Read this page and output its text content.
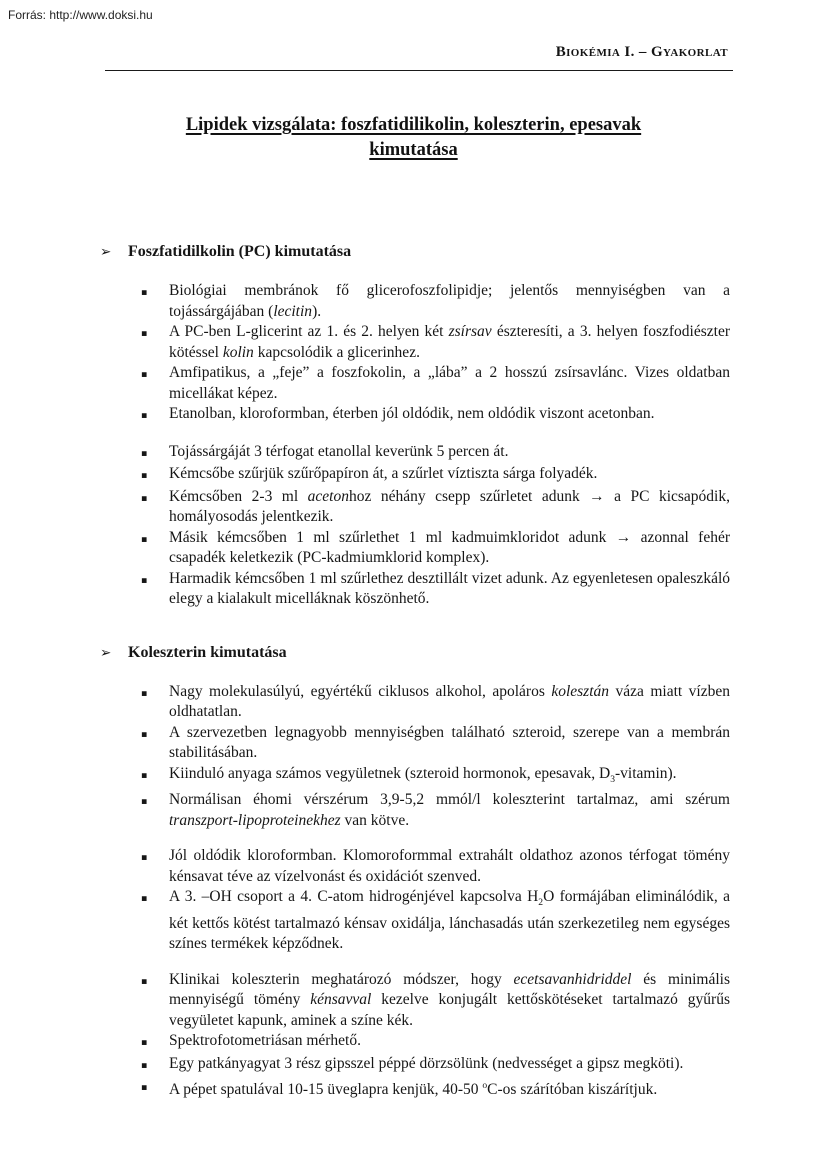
Forrás: http://www.doksi.hu
Biokémia I. – Gyakorlat
Lipidek vizsgálata: foszfatidilikolin, koleszterin, epesavak
kimutatása
➢	Foszfatidilkolin (PC) kimutatása
▪	Biológiai membránok fő glicerofoszfolipidje; jelentős mennyiségben van a tojássárgájában (lecitin).
▪	A PC-ben L-glicerint az 1. és 2. helyen két zsírsav észteresíti, a 3. helyen foszfodiészter kötéssel kolin kapcsolódik a glicerinhez.
▪	Amfipatikus, a „feje” a foszfokolin, a „lába” a 2 hosszú zsírsavlánc. Vizes oldatban micellákat képez.
▪	Etanolban, kloroformban, éterben jól oldódik, nem oldódik viszont acetonban.
▪	Tojássárgáját 3 térfogat etanollal keverünk 5 percen át.
▪	Kémcsőbe szűrjük szűrőpapíron át, a szűrlet víztiszta sárga folyadék.
▪	Kémcsőben 2-3 ml acetonhoz néhány csepp szűrletet adunk → a PC kicsapódik, homályosodás jelentkezik.
▪	Másik kémcsőben 1 ml szűrlethet 1 ml kadmuimkloridot adunk → azonnal fehér csapadék keletkezik (PC-kadmiumklorid komplex).
▪	Harmadik kémcsőben 1 ml szűrlethez desztillált vizet adunk. Az egyenletesen opaleszkáló elegy a kialakult micelláknak köszönhető.
➢	Koleszterin kimutatása
▪	Nagy molekulasúlyú, egyértékű ciklusos alkohol, apoláros kolesztán váza miatt vízben oldhatatlan.
▪	A szervezetben legnagyobb mennyiségben található szteroid, szerepe van a membrán stabilitásában.
▪	Kiinduló anyaga számos vegyületnek (szteroid hormonok, epesavak, $D_3-vitamin$).
▪	Normálisan éhomi vérszérum 3,9-5,2 mmól/l koleszterint tartalmaz, ami szérum transzport-lipoproteinekhez van kötve.
▪	Jól oldódik kloroformban. Klomoroformmal extrahált oldathoz azonos térfogat tömény kénsavat téve az vízelvonást és oxidációt szenved.
▪	A 3. –OH csoport a 4. C-atom hidrogénjével kapcsolva $H_2O$ formájában eliminálódik, a két kettős kötést tartalmazó kénsav oxidálja, lánchasadás után szerkezetileg nem egységes színes termékek képződnek.
▪	Klinikai koleszterin meghatározó módszer, hogy ecetsavanhidriddel és minimális mennyiségű tömény kénsavval kezelve konjugált kettőskötéseket tartalmazó gyűrűs vegyületet kapunk, aminek a színe kék.
▪	Spektrofotometriásan mérhető.
▪	Egy patkányagyat 3 rész gipsszel péppé dörzsölünk (nedvességet a gipsz megköti).
▪	A pépet spatulával 10-15 üveglapra kenjük, 40-50 $^o$C-os szárítóban kiszárítjuk.
